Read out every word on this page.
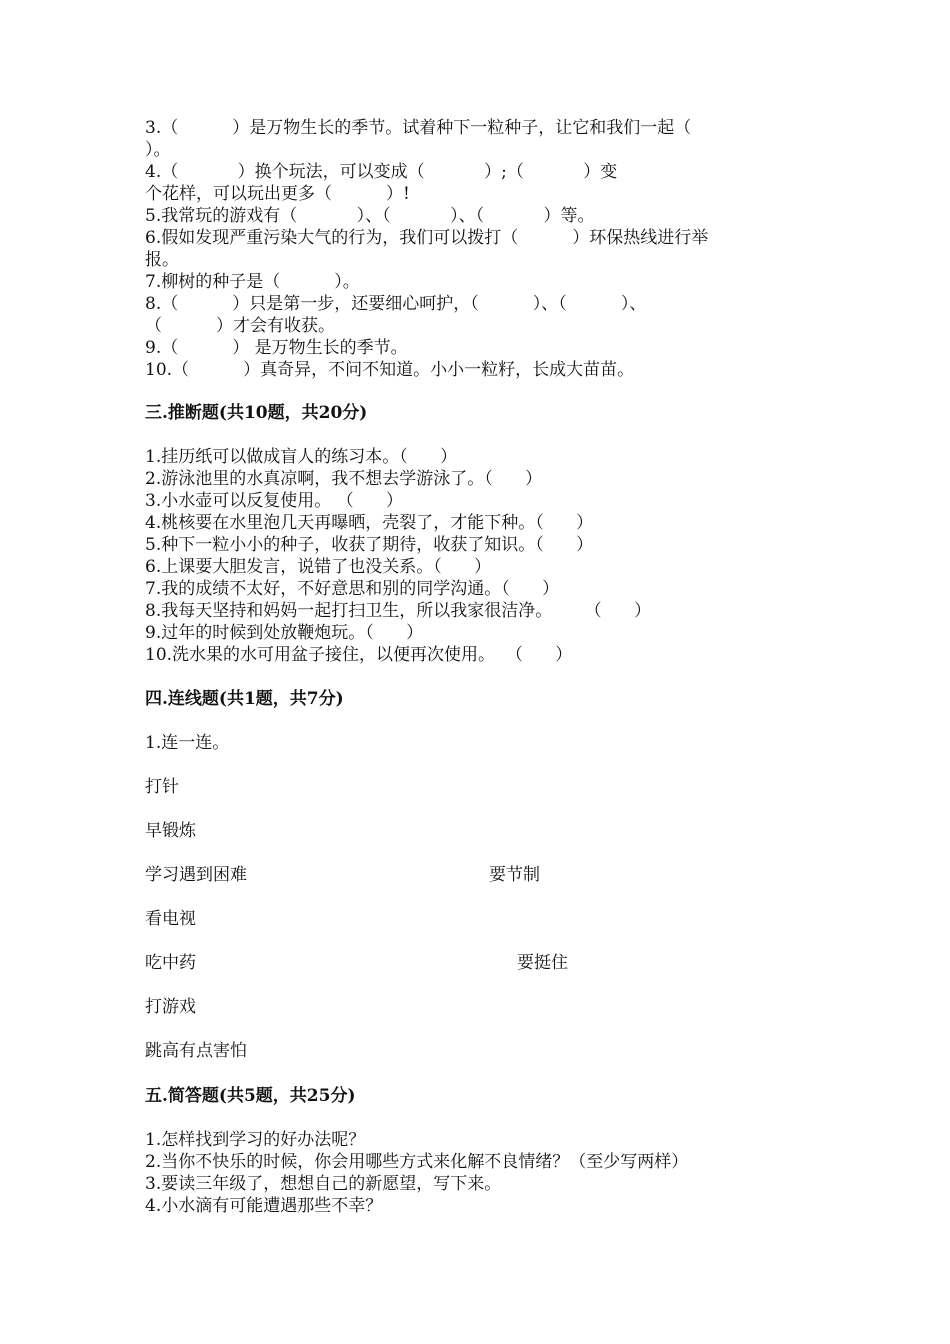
3.（          ）是万物生长的季节。试着种下一粒种子，让它和我们一起（
）。
4.（           ）换个玩法，可以变成（           ）;（           ）变
个花样，可以玩出更多（          ）!
5.我常玩的游戏有（           ）、（           ）、（           ）等。
6.假如发现严重污染大气的行为，我们可以拨打（          ）环保热线进行举
报。
7.柳树的种子是（          ）。
8.（          ）只是第一步，还要细心呵护，（          ）、（          ）、
（          ）才会有收获。
9.（          ） 是万物生长的季节。
10.（          ）真奇异，不问不知道。小小一粒籽，长成大苗苗。
三.推断题(共10题，共20分)
1.挂历纸可以做成盲人的练习本。（      ）
2.游泳池里的水真凉啊，我不想去学游泳了。（      ）
3.小水壶可以反复使用。 （      ）
4.桃核要在水里泡几天再曝晒，壳裂了，才能下种。（      ）
5.种下一粒小小的种子，收获了期待，收获了知识。（      ）
6.上课要大胆发言，说错了也没关系。（      ）
7.我的成绩不太好，不好意思和别的同学沟通。（      ）
8.我每天坚持和妈妈一起打扫卫生，所以我家很洁净。      （      ）
9.过年的时候到处放鞭炮玩。（      ）
10.洗水果的水可用盆子接住，以便再次使用。  （      ）
四.连线题(共1题，共7分)
1.连一连。
打针
早锻炼
学习遇到困难	要节制
看电视
吃中药	要挺住
打游戏
跳高有点害怕
五.简答题(共5题，共25分)
1.怎样找到学习的好办法呢？
2.当你不快乐的时候，你会用哪些方式来化解不良情绪？（至少写两样）
3.要读三年级了，想想自己的新愿望，写下来。
4.小水滴有可能遭遇那些不幸？
